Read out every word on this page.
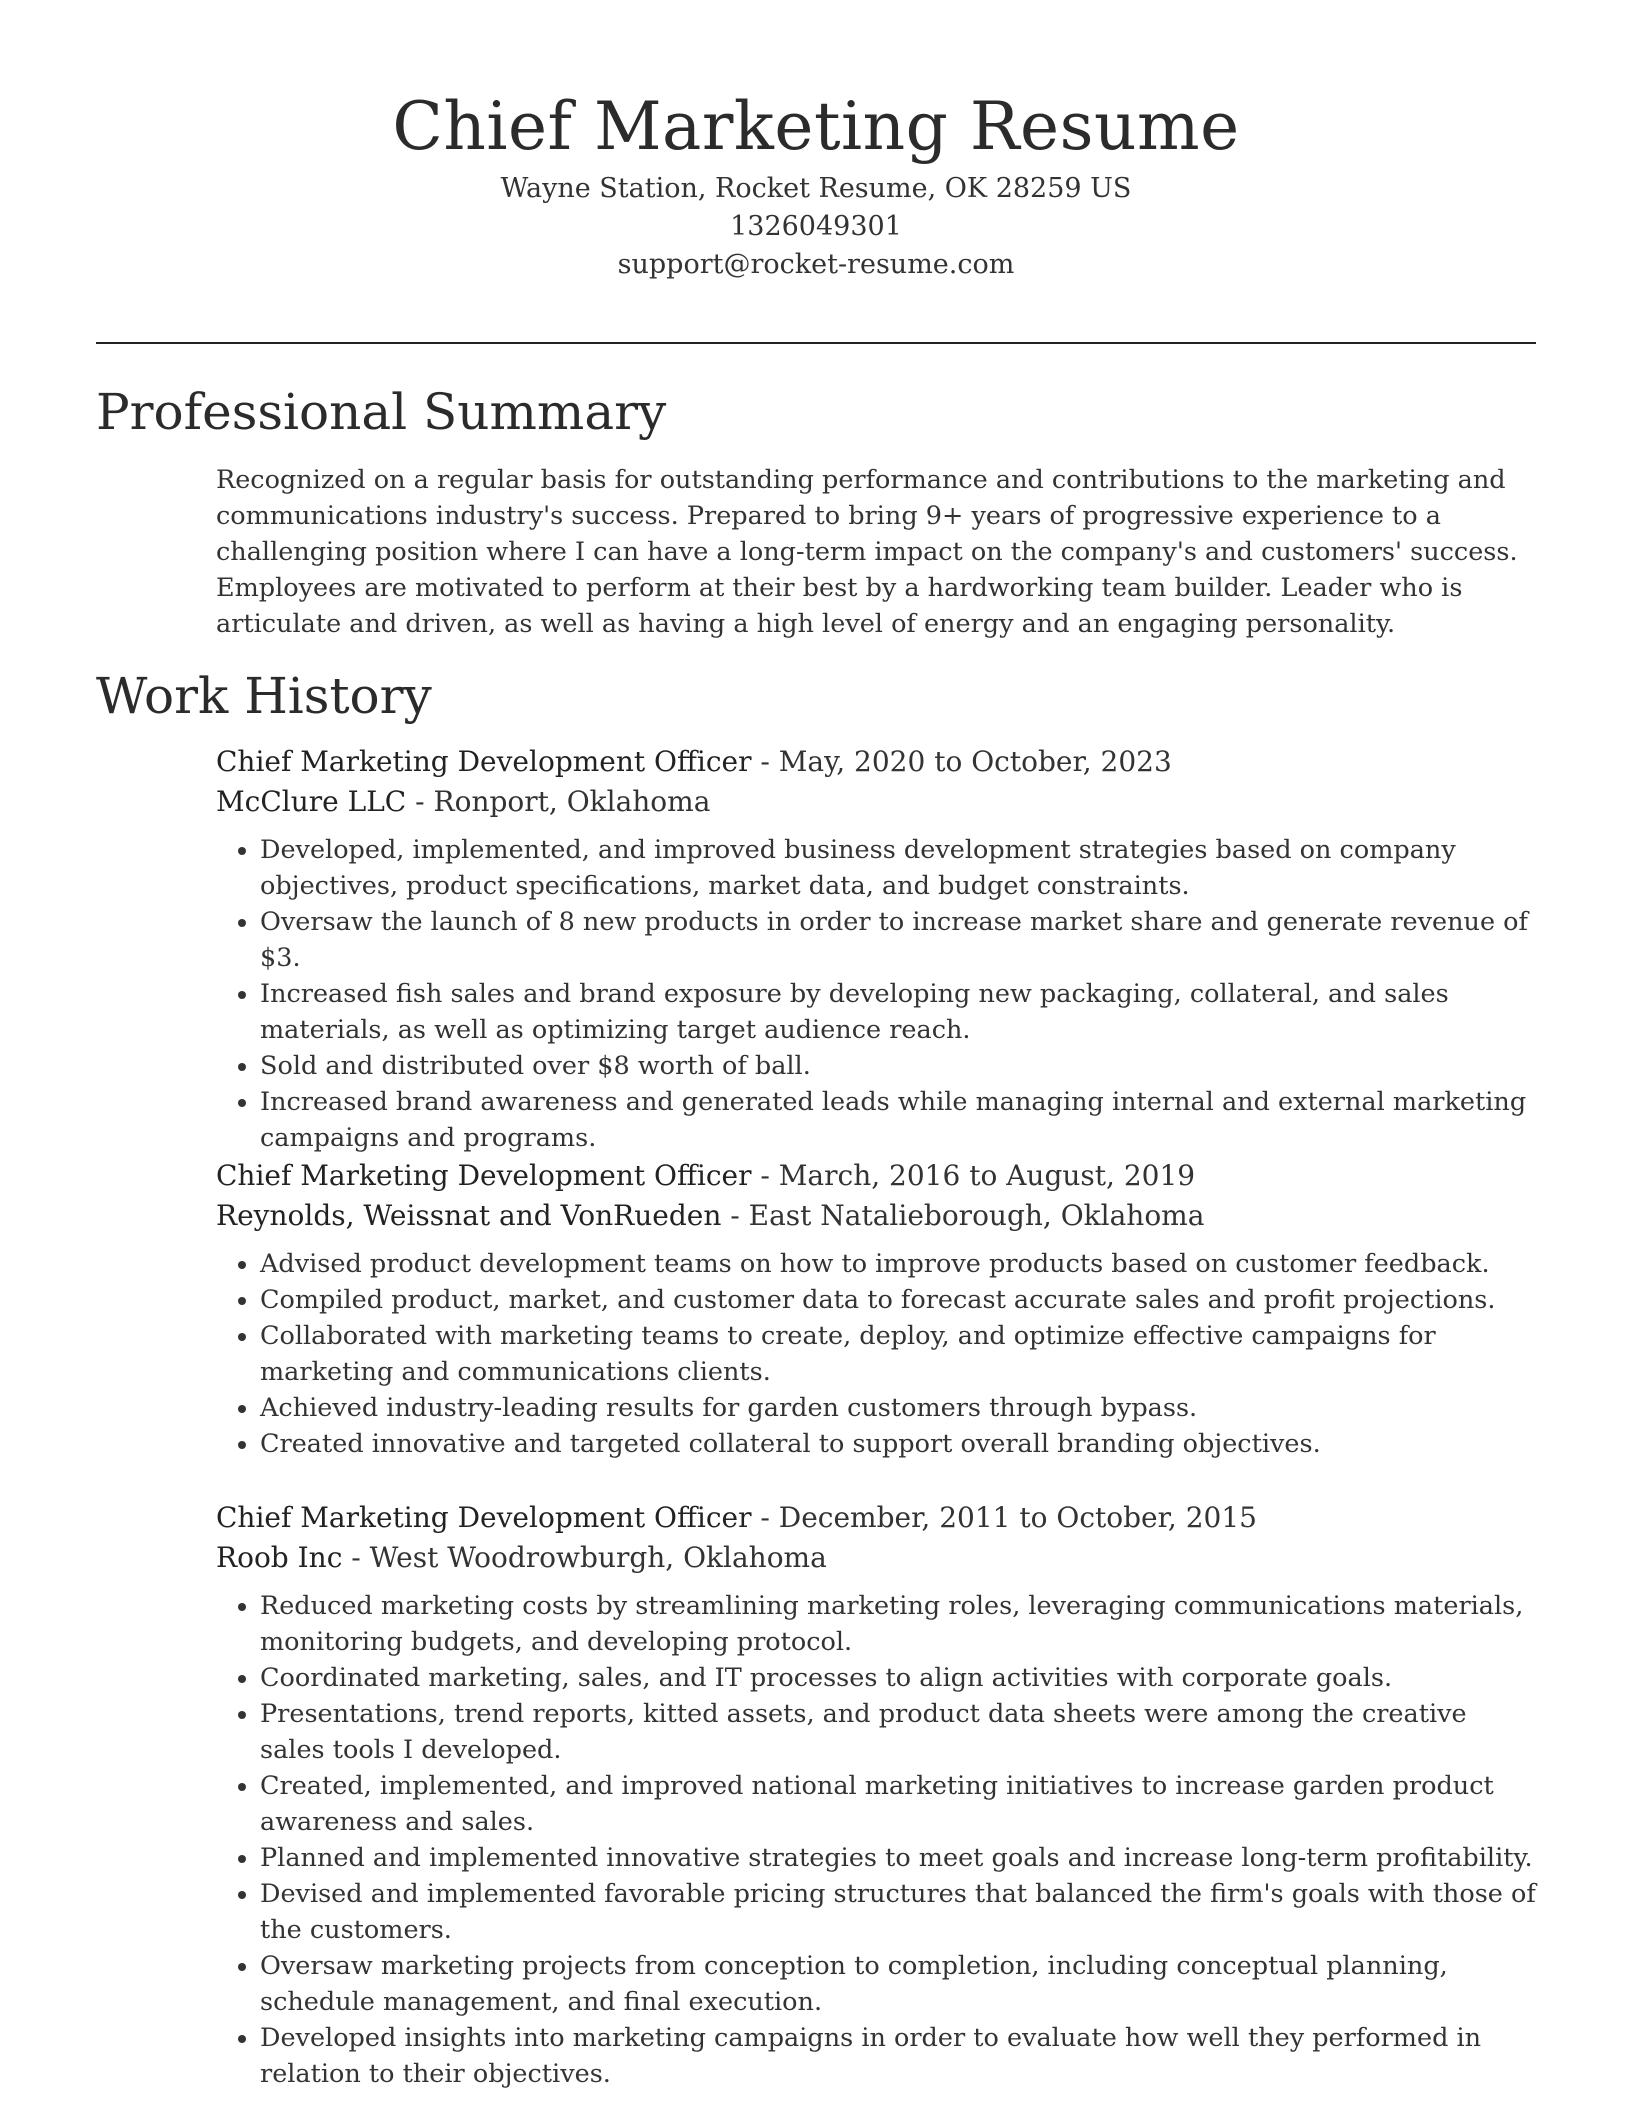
Chief Marketing Resume
Wayne Station, Rocket Resume, OK 28259 US
1326049301
support@rocket-resume.com
Professional Summary

Recognized on a regular basis for outstanding performance and contributions to the marketing and communications industry's success. Prepared to bring 9+ years of progressive experience to a challenging position where I can have a long-term impact on the company's and customers' success. Employees are motivated to perform at their best by a hardworking team builder. Leader who is articulate and driven, as well as having a high level of energy and an engaging personality.

Work History
Chief Marketing Development Officer - May, 2020 to October, 2023
McClure LLC - Ronport, Oklahoma
• Developed, implemented, and improved business development strategies based on company objectives, product specifications, market data, and budget constraints.
• Oversaw the launch of 8 new products in order to increase market share and generate revenue of $3.
• Increased fish sales and brand exposure by developing new packaging, collateral, and sales materials, as well as optimizing target audience reach.
• Sold and distributed over $8 worth of ball.
• Increased brand awareness and generated leads while managing internal and external marketing campaigns and programs.
Chief Marketing Development Officer - March, 2016 to August, 2019
Reynolds, Weissnat and VonRueden - East Natalieborough, Oklahoma
• Advised product development teams on how to improve products based on customer feedback.
• Compiled product, market, and customer data to forecast accurate sales and profit projections.
• Collaborated with marketing teams to create, deploy, and optimize effective campaigns for marketing and communications clients.
• Achieved industry-leading results for garden customers through bypass.
• Created innovative and targeted collateral to support overall branding objectives.
Chief Marketing Development Officer - December, 2011 to October, 2015
Roob Inc - West Woodrowburgh, Oklahoma
• Reduced marketing costs by streamlining marketing roles, leveraging communications materials, monitoring budgets, and developing protocol.
• Coordinated marketing, sales, and IT processes to align activities with corporate goals.
• Presentations, trend reports, kitted assets, and product data sheets were among the creative sales tools I developed.
• Created, implemented, and improved national marketing initiatives to increase garden product awareness and sales.
• Planned and implemented innovative strategies to meet goals and increase long-term profitability.
• Devised and implemented favorable pricing structures that balanced the firm's goals with those of the customers.
• Oversaw marketing projects from conception to completion, including conceptual planning, schedule management, and final execution.
• Developed insights into marketing campaigns in order to evaluate how well they performed in relation to their objectives.
